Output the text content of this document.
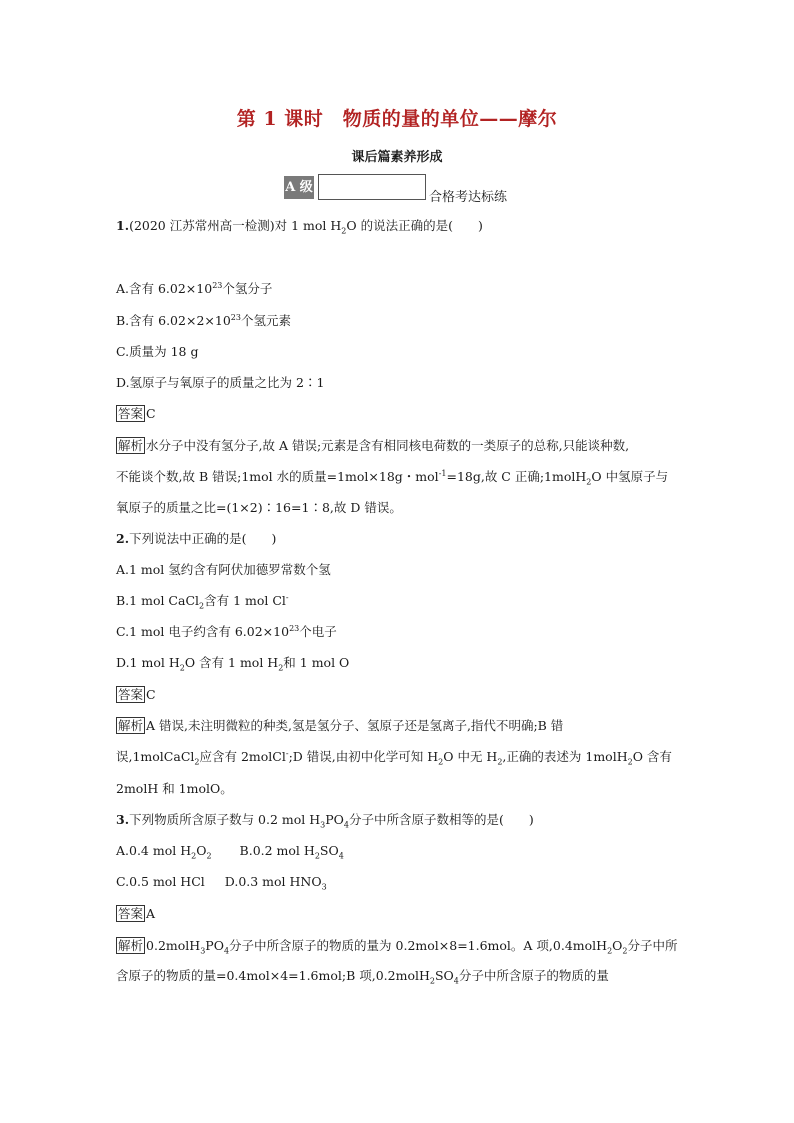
第 1 课时　物质的量的单位——摩尔
课后篇素养形成
A 级
合格考达标练
1.(2020 江苏常州高一检测)对 1 mol $H_2O$ 的说法正确的是(　　)
A.含有 $6.02\times 10^{23}$个氢分子
B.含有 $6.02\times 2\times 10^{23}$个氢元素
C.质量为 18 g
D.氢原子与氧原子的质量之比为 2∶1
答案 C
解析 水分子中没有氢分子,故 A 错误;元素是含有相同核电荷数的一类原子的总称,只能谈种数,
不能谈个数,故 B 错误;1mol 水的质量=1mol×18g・mol$^{-1}$=18g,故 C 正确;1molH$_2$O 中氢原子与
氧原子的质量之比=(1×2)∶16=1∶8,故 D 错误。
2.下列说法中正确的是(　　)
A.1 mol 氢约含有阿伏加德罗常数个氢
B.1 mol CaCl$_2$含有 1 mol Cl-
C.1 mol 电子约含有 $6.02\times 10^{23}$个电子
D.1 mol $H_2O$ 含有 1 mol $H_2$和 1 mol O
答案 C
解析 A 错误,未注明微粒的种类,氢是氢分子、氢原子还是氢离子,指代不明确;B 错
误,1molCaCl$_2$应含有 2molCl-;D 错误,由初中化学可知 $H_2O$ 中无 $H_2$,正确的表述为 1molH$_2$O 含有
2molH 和 1molO。
3.下列物质所含原子数与 0.2 mol $H_3PO_4$分子中所含原子数相等的是(　　)
A.0.4 mol $H_2O_2$ B.0.2 mol $H_2SO_4$
C.0.5 mol HCl D.0.3 mol $HNO_3$
答案 A
解析 $0.2molH_3PO_4$分子中所含原子的物质的量为 0.2mol×8=1.6mol。A 项$,0.4molH_2O_2$分子中所
含原子的物质的量=0.4mol×4=1.6mol;B 项$,0.2molH_2SO_4$分子中所含原子的物质的量
